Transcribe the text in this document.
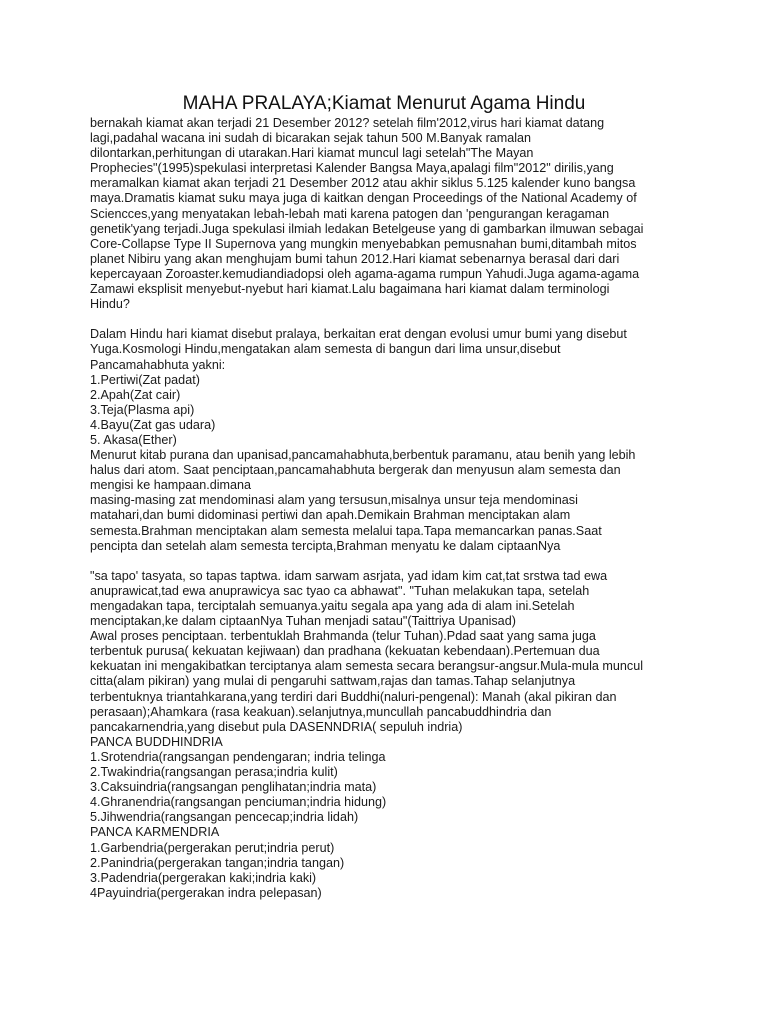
MAHA PRALAYA;Kiamat Menurut Agama Hindu
bernakah kiamat akan terjadi 21 Desember 2012? setelah film'2012,virus hari kiamat datang
lagi,padahal wacana ini sudah di bicarakan sejak tahun 500 M.Banyak ramalan
dilontarkan,perhitungan di utarakan.Hari kiamat muncul lagi setelah"The Mayan
Prophecies"(1995)spekulasi interpretasi Kalender Bangsa Maya,apalagi film"2012" dirilis,yang
meramalkan kiamat akan terjadi 21 Desember 2012 atau akhir siklus 5.125 kalender kuno bangsa
maya.Dramatis kiamat suku maya juga di kaitkan dengan Proceedings of the National Academy of
Sciencces,yang menyatakan lebah-lebah mati karena patogen dan 'pengurangan keragaman
genetik'yang terjadi.Juga spekulasi ilmiah ledakan Betelgeuse yang di gambarkan ilmuwan sebagai
Core-Collapse Type II Supernova yang mungkin menyebabkan pemusnahan bumi,ditambah mitos
planet Nibiru yang akan menghujam bumi tahun 2012.Hari kiamat sebenarnya berasal dari dari
kepercayaan Zoroaster.kemudiandiadopsi oleh agama-agama rumpun Yahudi.Juga agama-agama
Zamawi eksplisit menyebut-nyebut hari kiamat.Lalu bagaimana hari kiamat dalam terminologi
Hindu?
Dalam Hindu hari kiamat disebut pralaya, berkaitan erat dengan evolusi umur bumi yang disebut
Yuga.Kosmologi Hindu,mengatakan alam semesta di bangun dari lima unsur,disebut
Pancamahabhuta yakni:
1.Pertiwi(Zat padat)
2.Apah(Zat cair)
3.Teja(Plasma api)
4.Bayu(Zat gas udara)
5. Akasa(Ether)
Menurut kitab purana dan upanisad,pancamahabhuta,berbentuk paramanu, atau benih yang lebih
halus dari atom. Saat penciptaan,pancamahabhuta bergerak dan menyusun alam semesta dan
mengisi ke hampaan.dimana
masing-masing zat mendominasi alam yang tersusun,misalnya unsur teja mendominasi
matahari,dan bumi didominasi pertiwi dan apah.Demikain Brahman menciptakan alam
semesta.Brahman menciptakan alam semesta melalui tapa.Tapa memancarkan panas.Saat
pencipta dan setelah alam semesta tercipta,Brahman menyatu ke dalam ciptaanNya
"sa tapo' tasyata, so tapas taptwa. idam sarwam asrjata, yad idam kim cat,tat srstwa tad ewa
anuprawicat,tad ewa anuprawicya sac tyao ca abhawat". "Tuhan melakukan tapa, setelah
mengadakan tapa, terciptalah semuanya.yaitu segala apa yang ada di alam ini.Setelah
menciptakan,ke dalam ciptaanNya Tuhan menjadi satau"(Taittriya Upanisad)
Awal proses penciptaan. terbentuklah Brahmanda (telur Tuhan).Pdad saat yang sama juga
terbentuk purusa( kekuatan kejiwaan) dan pradhana (kekuatan kebendaan).Pertemuan dua
kekuatan ini mengakibatkan terciptanya alam semesta secara berangsur-angsur.Mula-mula muncul
citta(alam pikiran) yang mulai di pengaruhi sattwam,rajas dan tamas.Tahap selanjutnya
terbentuknya triantahkarana,yang terdiri dari Buddhi(naluri-pengenal): Manah (akal pikiran dan
perasaan);Ahamkara (rasa keakuan).selanjutnya,muncullah pancabuddhindria dan
pancakarnendria,yang disebut pula DASENNDRIA( sepuluh indria)
PANCA BUDDHINDRIA
1.Srotendria(rangsangan pendengaran; indria telinga
2.Twakindria(rangsangan perasa;indria kulit)
3.Caksuindria(rangsangan penglihatan;indria mata)
4.Ghranendria(rangsangan penciuman;indria hidung)
5.Jihwendria(rangsangan pencecap;indria lidah)
PANCA KARMENDRIA
1.Garbendria(pergerakan perut;indria perut)
2.Panindria(pergerakan tangan;indria tangan)
3.Padendria(pergerakan kaki;indria kaki)
4Payuindria(pergerakan indra pelepasan)
